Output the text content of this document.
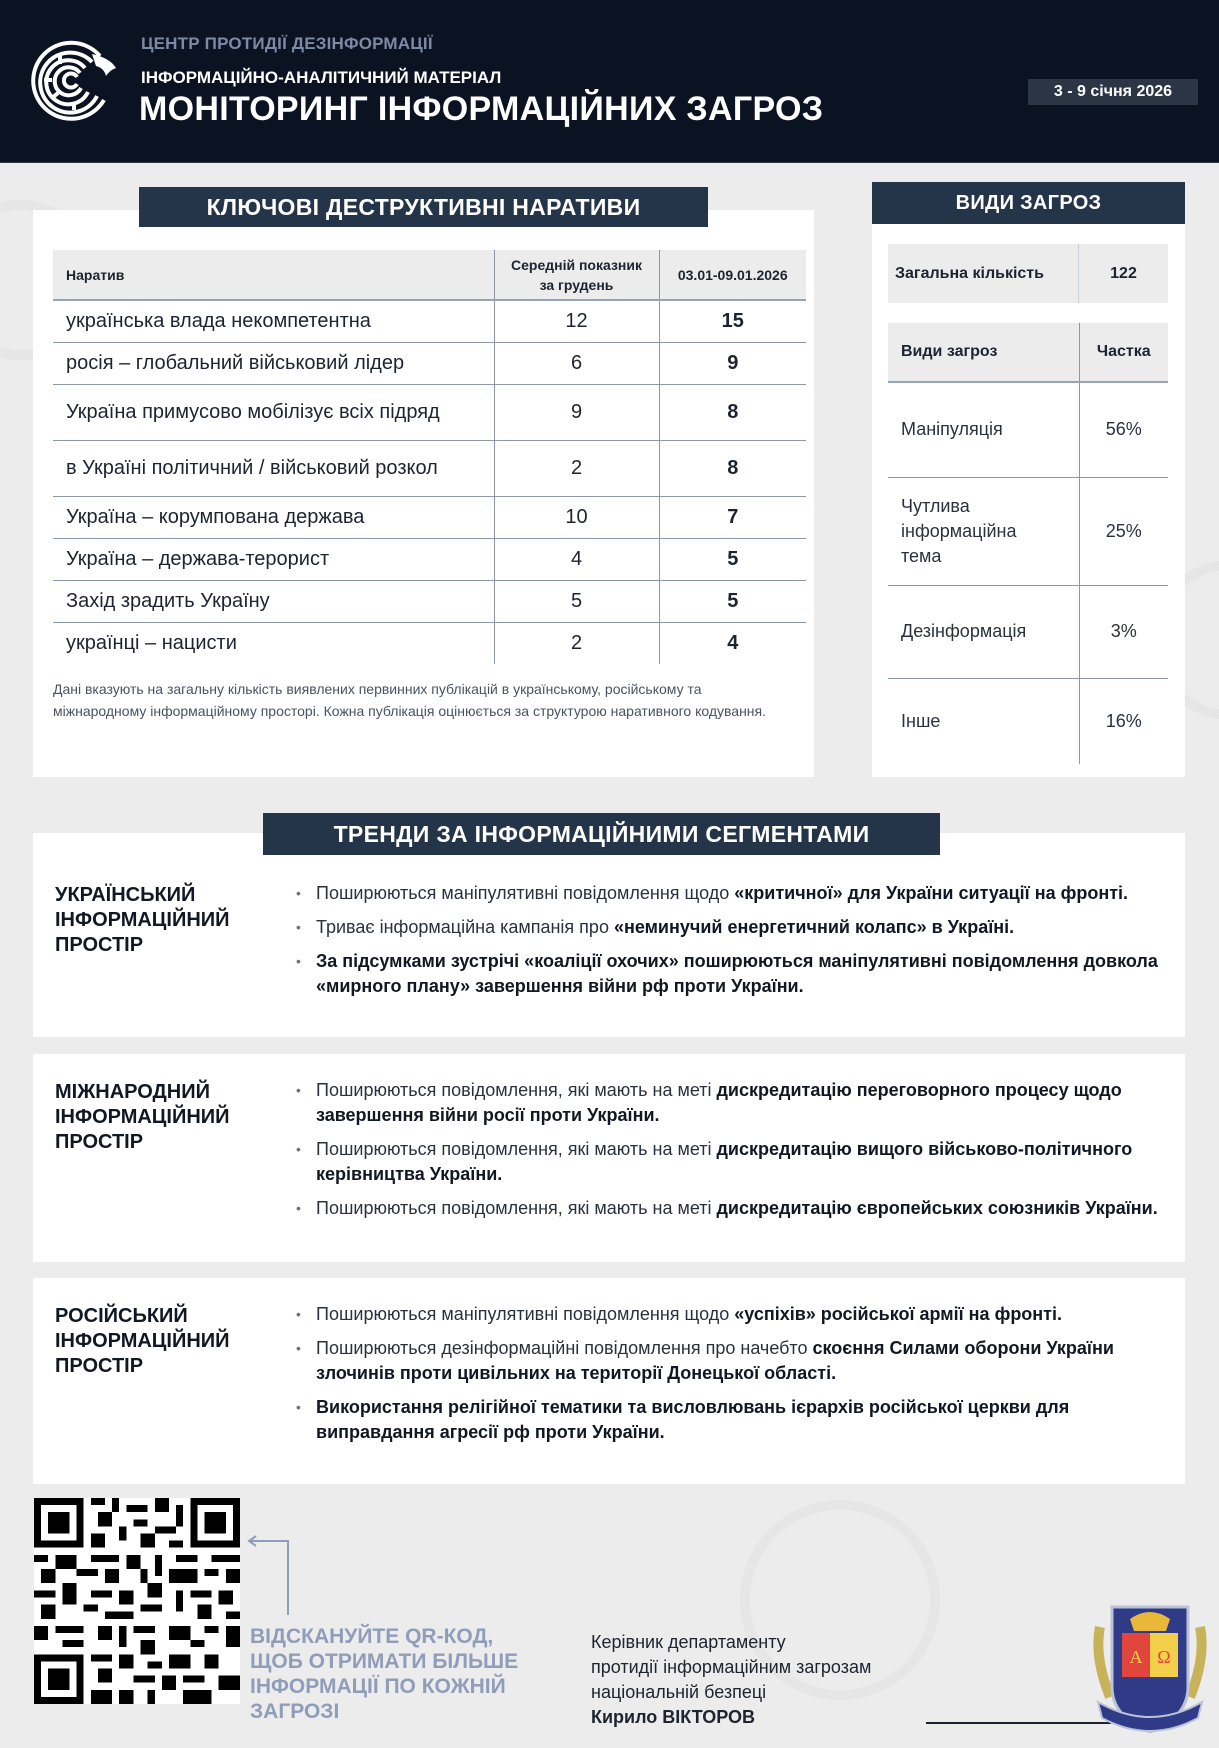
ЦЕНТР ПРОТИДІЇ ДЕЗІНФОРМАЦІЇ
ІНФОРМАЦІЙНО-АНАЛІТИЧНИЙ МАТЕРІАЛ
МОНІТОРИНГ ІНФОРМАЦІЙНИХ ЗАГРОЗ	3 - 9 січня 2026
КЛЮЧОВІ ДЕСТРУКТИВНІ НАРАТИВИ
Наратив	Середній показник за грудень	03.01-09.01.2026
українська влада некомпетентна	12	15
росія – глобальний військовий лідер	6	9
Україна примусово мобілізує всіх підряд	9	8
в Україні політичний / військовий розкол	2	8
Україна – корумпована держава	10	7
Україна – держава-терорист	4	5
Захід зрадить Україну	5	5
українці – нацисти	2	4

Дані вказують на загальну кількість виявлених первинних публікацій в українському, російському та міжнародному інформаційному просторі. Кожна публікація оцінюється за структурою наративного кодування.

ВИДИ ЗАГРОЗ
Загальна кількість	122
Види загроз	Частка
Маніпуляція	56%
Чутлива інформаційна тема	25%
Дезінформація	3%
Інше	16%
УКРАЇНСЬКИЙ ІНФОРМАЦІЙНИЙ ПРОСТІР
• Поширюються маніпулятивні повідомлення щодо «критичної» для України ситуації на фронті.
• Триває інформаційна кампанія про «неминучий енергетичний колапс» в Україні.
• За підсумками зустрічі «коаліції охочих» поширюються маніпулятивні повідомлення довкола «мирного плану» завершення війни рф проти України.
ТРЕНДИ ЗА ІНФОРМАЦІЙНИМИ СЕГМЕНТАМИ
МІЖНАРОДНИЙ ІНФОРМАЦІЙНИЙ ПРОСТІР
• Поширюються повідомлення, які мають на меті дискредитацію переговорного процесу щодо завершення війни росії проти України.
• Поширюються повідомлення, які мають на меті дискредитацію вищого військово-політичного керівництва України.
• Поширюються повідомлення, які мають на меті дискредитацію європейських союзників України.
РОСІЙСЬКИЙ ІНФОРМАЦІЙНИЙ ПРОСТІР
• Поширюються маніпулятивні повідомлення щодо «успіхів» російської армії на фронті.
• Поширюються дезінформаційні повідомлення про начебто скоєння Силами оборони України злочинів проти цивільних на території Донецької області.
• Використання релігійної тематики та висловлювань ієрархів російської церкви для виправдання агресії рф проти України.
ВІДСКАНУЙТЕ QR-КОД, ЩОБ ОТРИМАТИ БІЛЬШЕ ІНФОРМАЦІЇ ПО КОЖНІЙ ЗАГРОЗІ
Керівник департаменту
протидії інформаційним загрозам
національній безпеці
Кирило ВІКТОРОВ
А Ω
